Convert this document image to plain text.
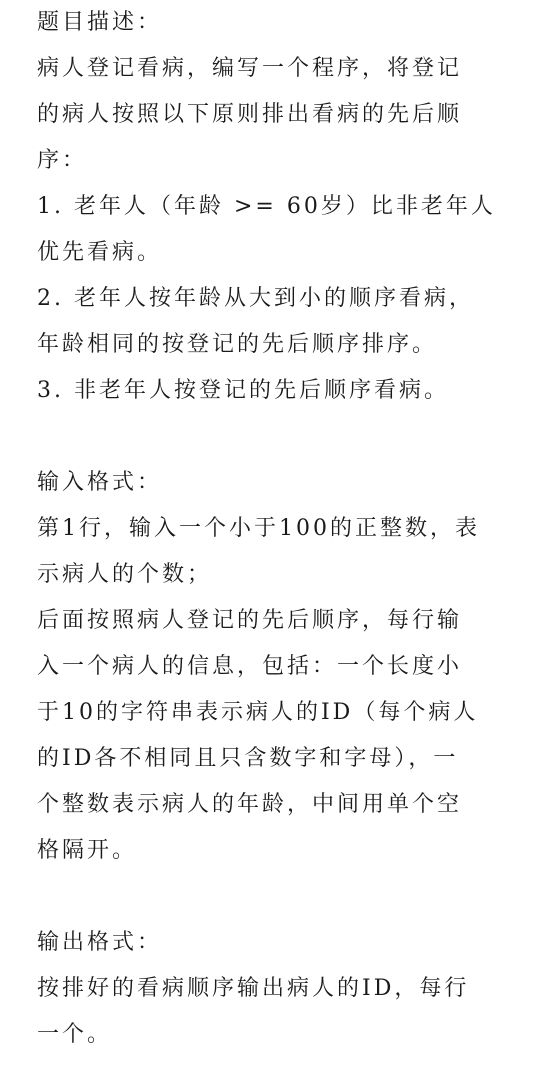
题目描述：
病人登记看病，编写一个程序，将登记
的病人按照以下原则排出看病的先后顺
序：
1. 老年人（年龄 >= 60岁）比非老年人
优先看病。
2. 老年人按年龄从大到小的顺序看病，
年龄相同的按登记的先后顺序排序。
3. 非老年人按登记的先后顺序看病。
输入格式：
第1行，输入一个小于100的正整数，表
示病人的个数；
后面按照病人登记的先后顺序，每行输
入一个病人的信息，包括：一个长度小
于10的字符串表示病人的ID（每个病人
的ID各不相同且只含数字和字母），一
个整数表示病人的年龄，中间用单个空
格隔开。
输出格式：
按排好的看病顺序输出病人的ID，每行
一个。
